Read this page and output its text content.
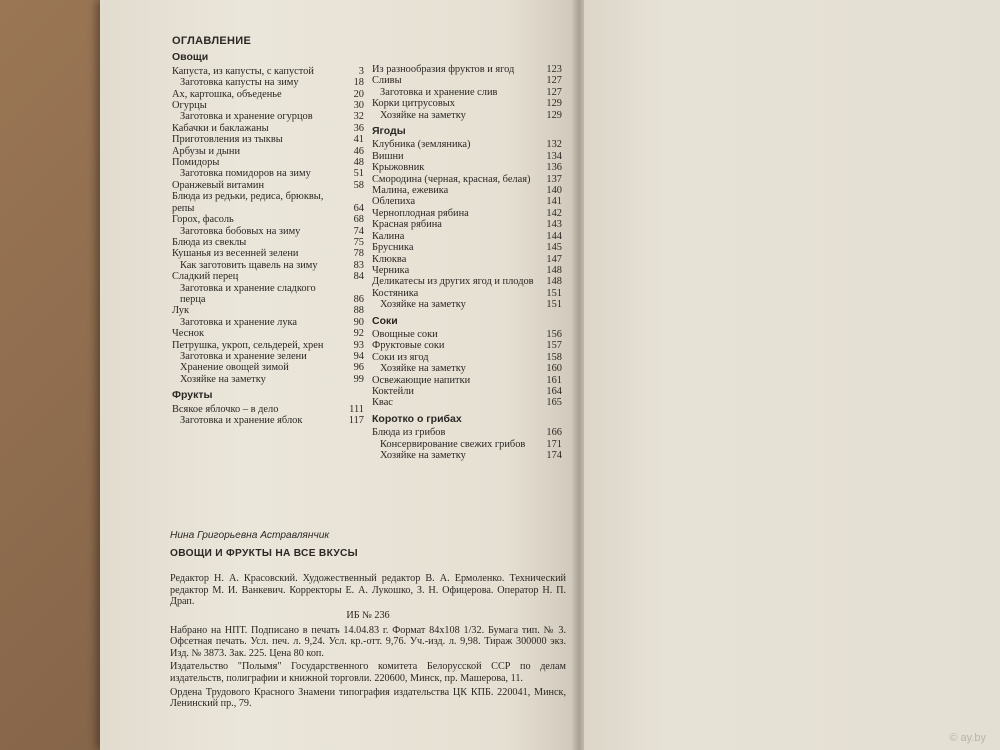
ОГЛАВЛЕНИЕ
Овощи
Капуста, из капусты, с капустой	3
Заготовка капусты на зиму	18
Ах, картошка, объеденье	20
Огурцы	30
Заготовка и хранение огурцов	32
Кабачки и баклажаны	36
Приготовления из тыквы	41
Арбузы и дыни	46
Помидоры	48
Заготовка помидоров на зиму	51
Оранжевый витамин	58
Блюда из редьки, редиса, брюквы, репы	64
Горох, фасоль	68
Заготовка бобовых на зиму	74
Блюда из свеклы	75
Кушанья из весенней зелени	78
Как заготовить щавель на зиму	83
Сладкий перец	84
Заготовка и хранение сладкого перца	86
Лук	88
Заготовка и хранение лука	90
Чеснок	92
Петрушка, укроп, сельдерей, хрен	93
Заготовка и хранение зелени	94
Хранение овощей зимой	96
Хозяйке на заметку	99
Фрукты
Всякое яблочко – в дело	111
Заготовка и хранение яблок	117
Из разнообразия фруктов и ягод	123
Сливы	127
Заготовка и хранение слив	127
Корки цитрусовых	129
Хозяйке на заметку	129
Ягоды
Клубника (земляника)	132
Вишни	134
Крыжовник	136
Смородина (черная, красная, белая)	137
Малина, ежевика	140
Облепиха	141
Черноплодная рябина	142
Красная рябина	143
Калина	144
Брусника	145
Клюква	147
Черника	148
Деликатесы из других ягод и плодов	148
Костяника	151
Хозяйке на заметку	151
Соки
Овощные соки	156
Фруктовые соки	157
Соки из ягод	158
Хозяйке на заметку	160
Освежающие напитки	161
Коктейли	164
Квас	165
Коротко о грибах
Блюда из грибов	166
Консервирование свежих грибов	171
Хозяйке на заметку	174
Нина Григорьевна Астравлянчик
ОВОЩИ И ФРУКТЫ НА ВСЕ ВКУСЫ
Редактор Н. А. Красовский. Художественный редактор В. А. Ермоленко. Технический редактор М. И. Ванкевич. Корректоры Е. А. Лукошко, З. Н. Офицерова. Оператор Н. П. Драп.
ИБ № 236
Набрано на НПТ. Подписано в печать 14.04.83 г. Формат 84х108 1/32. Бумага тип. № 3. Офсетная печать. Усл. печ. л. 9,24. Усл. кр.-отт. 9,76. Уч.-изд. л. 9,98. Тираж 300000 экз. Изд. № 3873. Зак. 225. Цена 80 коп.
Издательство "Полымя" Государственного комитета Белорусской ССР по делам издательств, полиграфии и книжной торговли. 220600, Минск, пр. Машерова, 11.
Ордена Трудового Красного Знамени типография издательства ЦК КПБ. 220041, Минск, Ленинский пр., 79.
© ay.by
